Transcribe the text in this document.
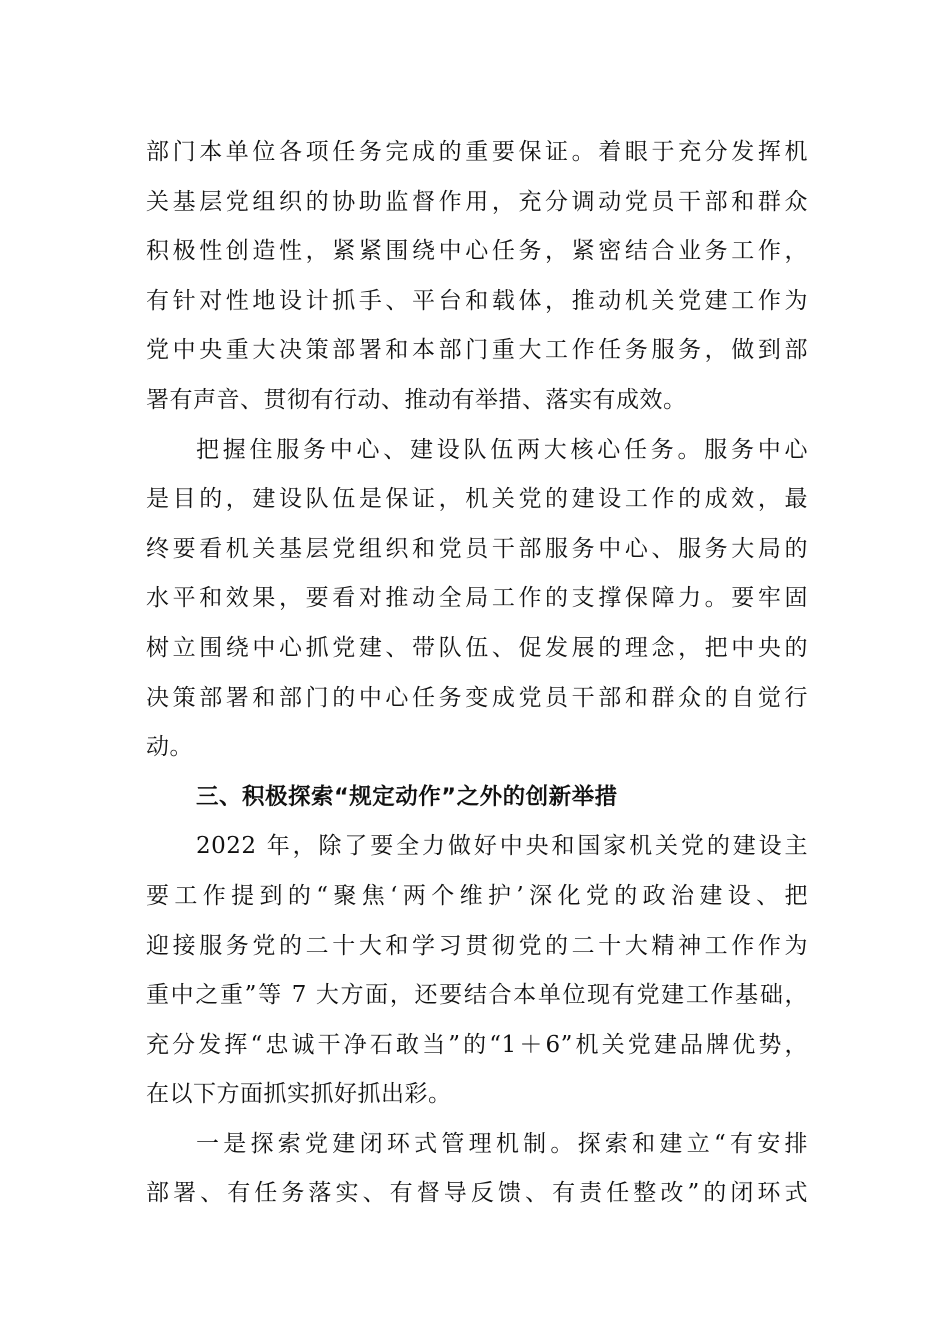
部门本单位各项任务完成的重要保证。着眼于充分发挥机
关基层党组织的协助监督作用，充分调动党员干部和群众
积极性创造性，紧紧围绕中心任务，紧密结合业务工作，
有针对性地设计抓手、平台和载体，推动机关党建工作为
党中央重大决策部署和本部门重大工作任务服务，做到部
署有声音、贯彻有行动、推动有举措、落实有成效。
把握住服务中心、建设队伍两大核心任务。服务中心
是目的，建设队伍是保证，机关党的建设工作的成效，最
终要看机关基层党组织和党员干部服务中心、服务大局的
水平和效果，要看对推动全局工作的支撑保障力。要牢固
树立围绕中心抓党建、带队伍、促发展的理念，把中央的
决策部署和部门的中心任务变成党员干部和群众的自觉行
动。
三、积极探索“规定动作”之外的创新举措
2022 年，除了要全力做好中央和国家机关党的建设主
要工作提到的“聚焦‘两个维护’深化党的政治建设、把
迎接服务党的二十大和学习贯彻党的二十大精神工作作为
重中之重”等 7 大方面，还要结合本单位现有党建工作基础，
充分发挥“忠诚干净石敢当”的“1＋6”机关党建品牌优势，
在以下方面抓实抓好抓出彩。
一是探索党建闭环式管理机制。探索和建立“有安排
部署、有任务落实、有督导反馈、有责任整改”的闭环式
